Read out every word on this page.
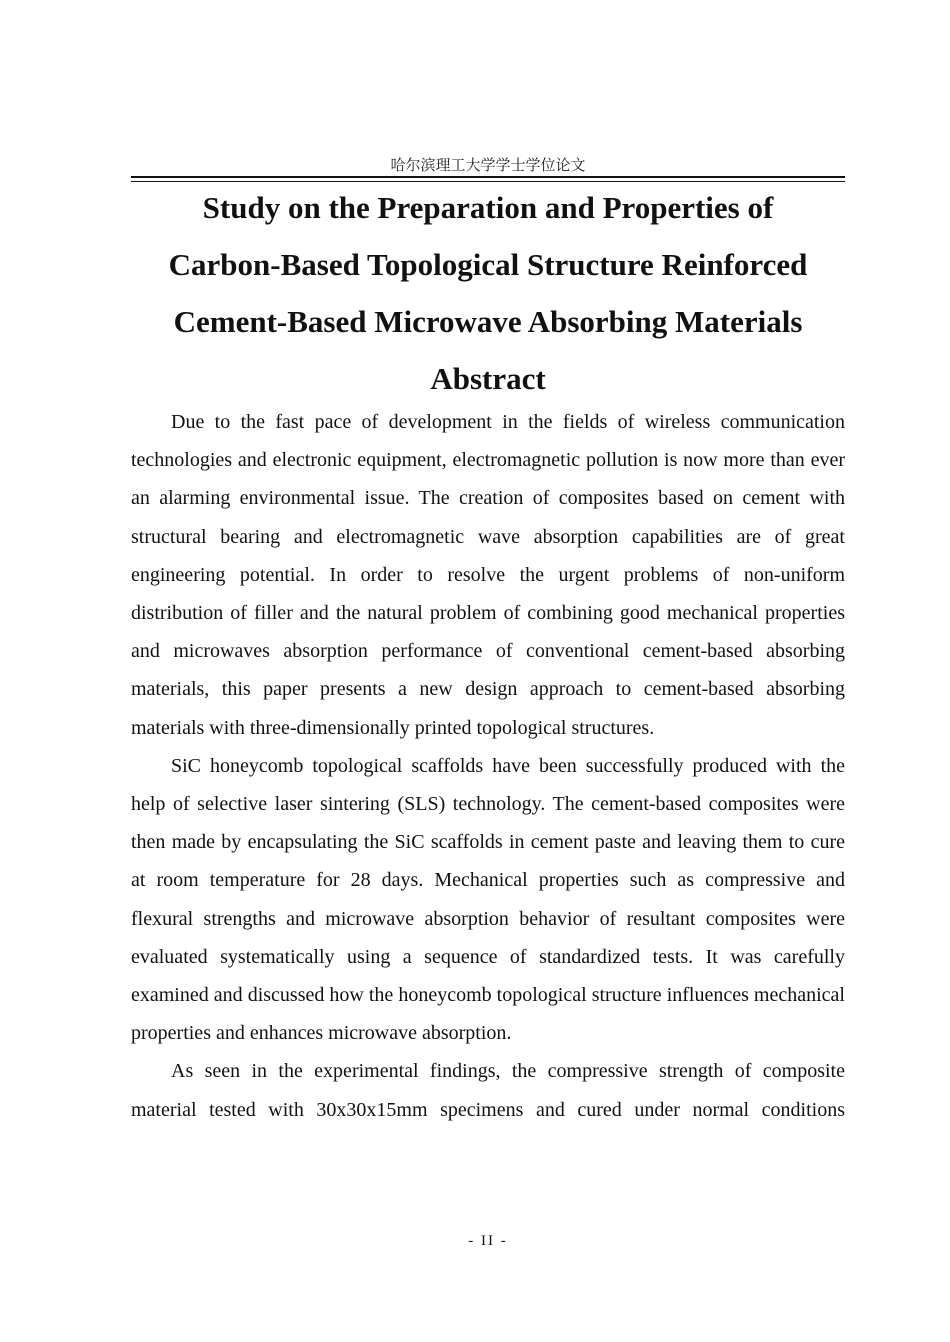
哈尔滨理工大学学士学位论文
Study on the Preparation and Properties of
Carbon-Based Topological Structure Reinforced
Cement-Based Microwave Absorbing Materials
Abstract

Due to the fast pace of development in the fields of wireless communication technologies and electronic equipment, electromagnetic pollution is now more than ever an alarming environmental issue. The creation of composites based on cement with structural bearing and electromagnetic wave absorption capabilities are of great engineering potential. In order to resolve the urgent problems of non-uniform distribution of filler and the natural problem of combining good mechanical properties and microwaves absorption performance of conventional cement-based absorbing materials, this paper presents a new design approach to cement-based absorbing materials with three-dimensionally printed topological structures.

SiC honeycomb topological scaffolds have been successfully produced with the help of selective laser sintering (SLS) technology. The cement-based composites were then made by encapsulating the SiC scaffolds in cement paste and leaving them to cure at room temperature for 28 days. Mechanical properties such as compressive and flexural strengths and microwave absorption behavior of resultant composites were evaluated systematically using a sequence of standardized tests. It was carefully examined and discussed how the honeycomb topological structure influences mechanical properties and enhances microwave absorption.

As seen in the experimental findings, the compressive strength of composite material tested with 30x30x15mm specimens and cured under normal conditions

- II -
